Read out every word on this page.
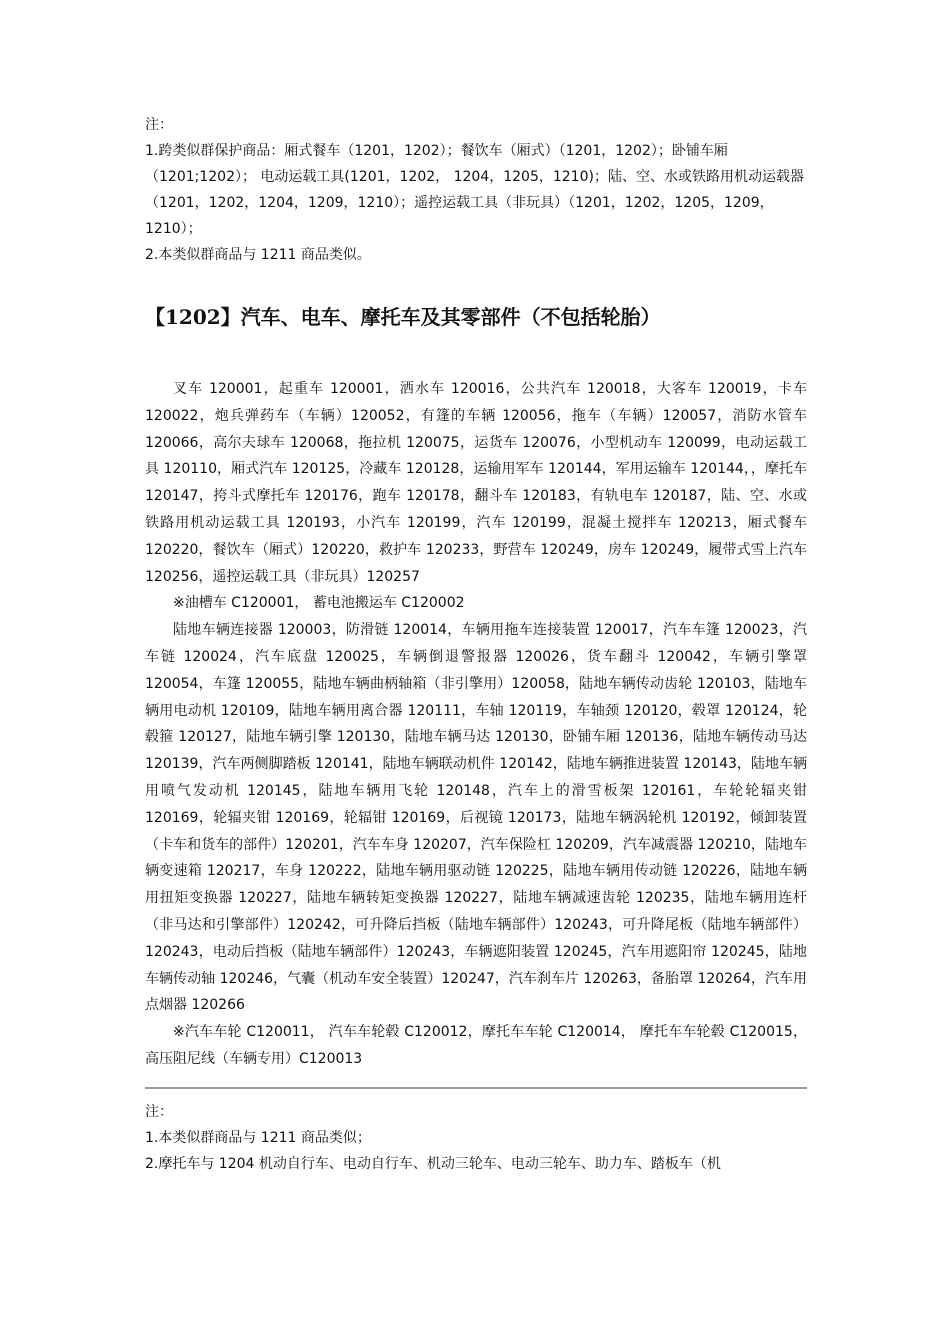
注：

1.跨类似群保护商品：厢式餐车（1201，1202）；餐饮车（厢式）（1201，1202）；卧铺车厢（1201;1202）； 电动运载工具(1201，1202， 1204，1205，1210)；陆、空、水或铁路用机动运载器（1201，1202，1204，1209，1210）；遥控运载工具（非玩具）（1201，1202，1205，1209，1210）；

2.本类似群商品与 1211 商品类似。

【1202】汽车、电车、摩托车及其零部件（不包括轮胎）

叉车 120001，起重车 120001，洒水车 120016，公共汽车 120018，大客车 120019，卡车 120022，炮兵弹药车（车辆）120052，有篷的车辆 120056，拖车（车辆）120057，消防水管车 120066，高尔夫球车 120068，拖拉机 120075，运货车 120076，小型机动车 120099，电动运载工具 120110，厢式汽车 120125，冷藏车 120128，运输用军车 120144，军用运输车 120144，，摩托车 120147，挎斗式摩托车 120176，跑车 120178，翻斗车 120183，有轨电车 120187，陆、空、水或铁路用机动运载工具 120193，小汽车 120199，汽车 120199，混凝土搅拌车 120213，厢式餐车 120220，餐饮车（厢式）120220，救护车 120233，野营车 120249，房车 120249，履带式雪上汽车 120256，遥控运载工具（非玩具）120257

※油槽车 C120001， 蓄电池搬运车 C120002

陆地车辆连接器 120003，防滑链 120014，车辆用拖车连接装置 120017，汽车车篷 120023，汽车链 120024，汽车底盘 120025，车辆倒退警报器 120026，货车翻斗 120042，车辆引擎罩 120054，车篷 120055，陆地车辆曲柄轴箱（非引擎用）120058，陆地车辆传动齿轮 120103，陆地车辆用电动机 120109，陆地车辆用离合器 120111，车轴 120119，车轴颈 120120，毂罩 120124，轮毂箍 120127，陆地车辆引擎 120130，陆地车辆马达 120130，卧铺车厢 120136，陆地车辆传动马达 120139，汽车两侧脚踏板 120141，陆地车辆联动机件 120142，陆地车辆推进装置 120143，陆地车辆用喷气发动机 120145，陆地车辆用飞轮 120148，汽车上的滑雪板架 120161，车轮轮辐夹钳 120169，轮辐夹钳 120169，轮辐钳 120169，后视镜 120173，陆地车辆涡轮机 120192，倾卸装置（卡车和货车的部件）120201，汽车车身 120207，汽车保险杠 120209，汽车减震器 120210，陆地车辆变速箱 120217，车身 120222，陆地车辆用驱动链 120225，陆地车辆用传动链 120226，陆地车辆用扭矩变换器 120227，陆地车辆转矩变换器 120227，陆地车辆减速齿轮 120235，陆地车辆用连杆（非马达和引擎部件）120242，可升降后挡板（陆地车辆部件）120243，可升降尾板（陆地车辆部件）120243，电动后挡板（陆地车辆部件）120243，车辆遮阳装置 120245，汽车用遮阳帘 120245，陆地车辆传动轴 120246，气囊（机动车安全装置）120247，汽车刹车片 120263，备胎罩 120264，汽车用点烟器 120266

※汽车车轮 C120011， 汽车车轮毂 C120012，摩托车车轮 C120014， 摩托车车轮毂 C120015，高压阻尼线（车辆专用）C120013

注：

1.本类似群商品与 1211 商品类似；

2.摩托车与 1204 机动自行车、电动自行车、机动三轮车、电动三轮车、助力车、踏板车（机
